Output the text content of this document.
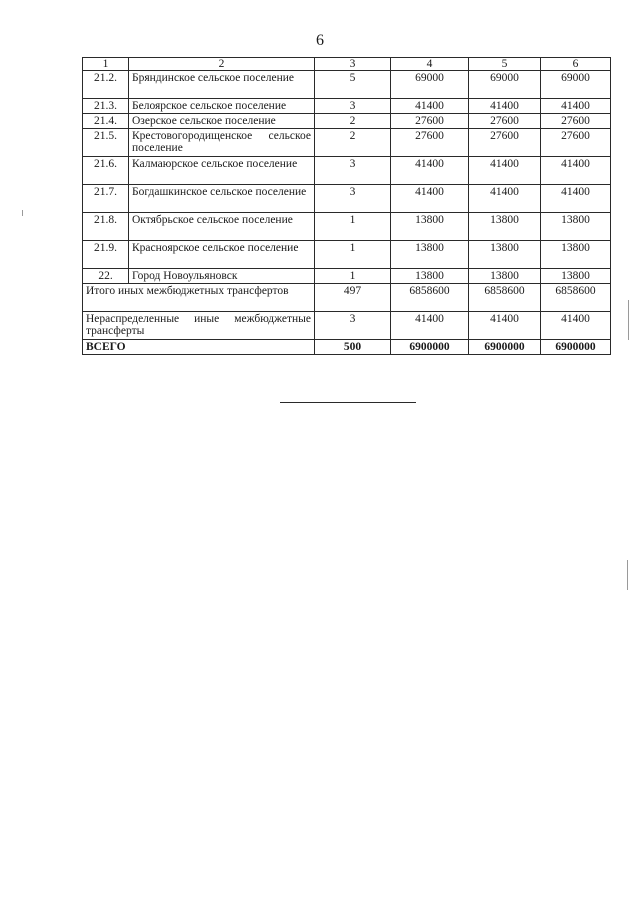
6
1	2	3	4	5	6
21.2.	Бряндинское сельское поселение	5	69000	69000	69000
21.3.	Белоярское сельское поселение	3	41400	41400	41400
21.4.	Озерское сельское поселение	2	27600	27600	27600
21.5.	Крестовогородищенское сельское поселение	2	27600	27600	27600
21.6.	Калмаюрское сельское поселение	3	41400	41400	41400
21.7.	Богдашкинское сельское поселение	3	41400	41400	41400
21.8.	Октябрьское сельское поселение	1	13800	13800	13800
21.9.	Красноярское сельское поселение	1	13800	13800	13800
22.	Город Новоульяновск	1	13800	13800	13800
Итого иных межбюджетных трансфертов		497	6858600	6858600	6858600
Нераспределенные иные межбюджетные трансферты		3	41400	41400	41400
ВСЕГО		500	6900000	6900000	6900000
